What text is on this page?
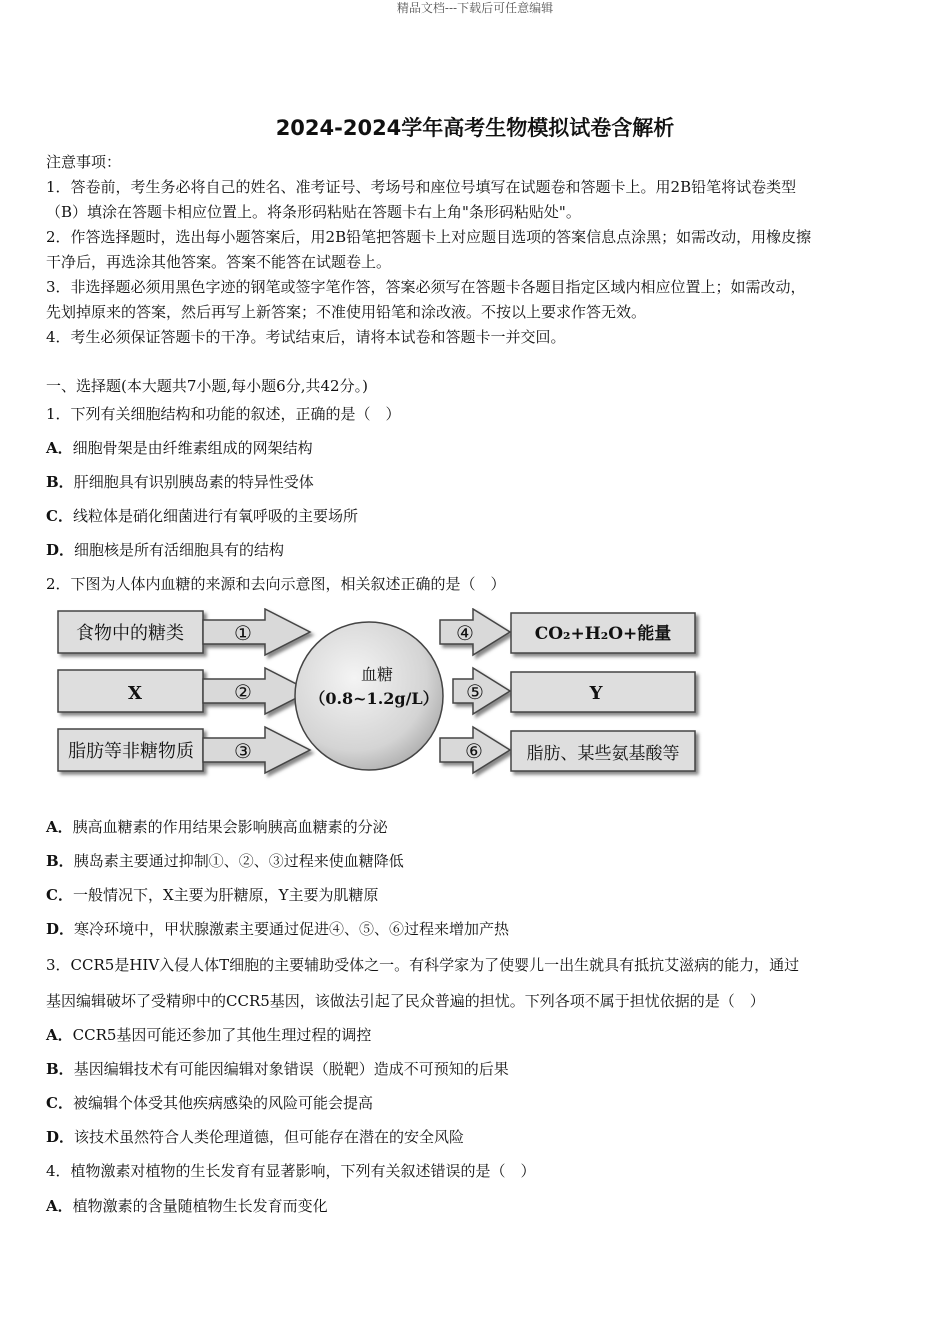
精品文档---下载后可任意编辑
2024-2024学年高考生物模拟试卷含解析
注意事项：
1．答卷前，考生务必将自己的姓名、准考证号、考场号和座位号填写在试题卷和答题卡上。用2B铅笔将试卷类型
（B）填涂在答题卡相应位置上。将条形码粘贴在答题卡右上角"条形码粘贴处"。
2．作答选择题时，选出每小题答案后，用2B铅笔把答题卡上对应题目选项的答案信息点涂黑；如需改动，用橡皮擦
干净后，再选涂其他答案。答案不能答在试题卷上。
3．非选择题必须用黑色字迹的钢笔或签字笔作答，答案必须写在答题卡各题目指定区域内相应位置上；如需改动，
先划掉原来的答案，然后再写上新答案；不准使用铅笔和涂改液。不按以上要求作答无效。
4．考生必须保证答题卡的干净。考试结束后，请将本试卷和答题卡一并交回。
一、选择题(本大题共7小题,每小题6分,共42分。)
1．下列有关细胞结构和功能的叙述，正确的是（　）
A．细胞骨架是由纤维素组成的网架结构
B．肝细胞具有识别胰岛素的特异性受体
C．线粒体是硝化细菌进行有氧呼吸的主要场所
D．细胞核是所有活细胞具有的结构
2．下图为人体内血糖的来源和去向示意图，相关叙述正确的是（　）
食物中的糖类
X
脂肪等非糖物质
①
②
③
血糖
（0.8~1.2g/L）
④
⑤
⑥
CO₂+H₂O+能量
Y
脂肪、某些氨基酸等
A．胰高血糖素的作用结果会影响胰高血糖素的分泌
B．胰岛素主要通过抑制①、②、③过程来使血糖降低
C．一般情况下，X主要为肝糖原，Y主要为肌糖原
D．寒冷环境中，甲状腺激素主要通过促进④、⑤、⑥过程来增加产热
3．CCR5是HIV入侵人体T细胞的主要辅助受体之一。有科学家为了使婴儿一出生就具有抵抗艾滋病的能力，通过
基因编辑破坏了受精卵中的CCR5基因，该做法引起了民众普遍的担忧。下列各项不属于担忧依据的是（　）
A．CCR5基因可能还参加了其他生理过程的调控
B．基因编辑技术有可能因编辑对象错误（脱靶）造成不可预知的后果
C．被编辑个体受其他疾病感染的风险可能会提高
D．该技术虽然符合人类伦理道德，但可能存在潜在的安全风险
4．植物激素对植物的生长发育有显著影响，下列有关叙述错误的是（　）
A．植物激素的含量随植物生长发育而变化
